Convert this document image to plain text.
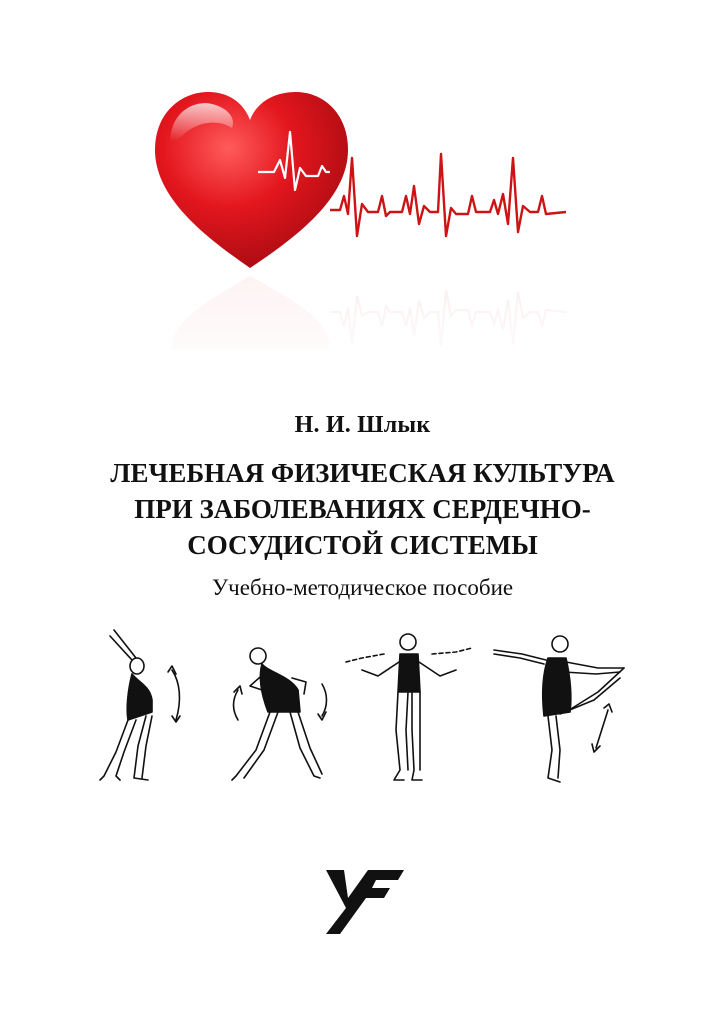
Н. И. Шлык
ЛЕЧЕБНАЯ ФИЗИЧЕСКАЯ КУЛЬТУРА
ПРИ ЗАБОЛЕВАНИЯХ СЕРДЕЧНО-
СОСУДИСТОЙ СИСТЕМЫ
Учебно-методическое пособие
